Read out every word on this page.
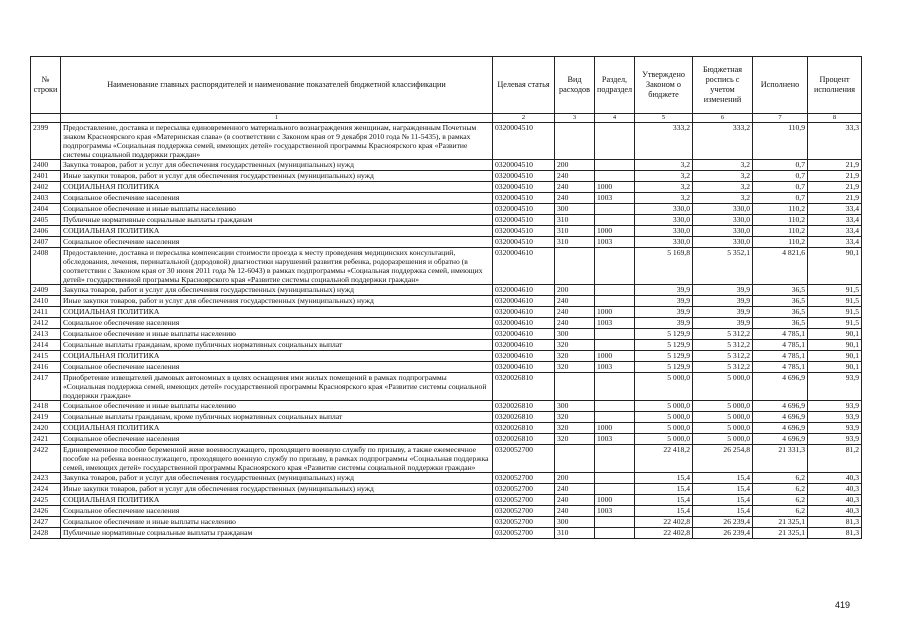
№ строки	Наименование главных распорядителей и наименование показателей бюджетной классификации	Целевая статья	Вид расходов	Раздел, подраздел	Утверждено Законом о бюджете	Бюджетная роспись с учетом изменений	Исполнено	Процент исполнения
	1	2	3	4	5	6	7	8
2399	Предоставление, доставка и пересылка единовременного материального вознаграждения женщинам, награжденным Почетным знаком Красноярского края «Материнская слава» (в соответствии с Законом края от 9 декабря 2010 года № 11-5435), в рамках подпрограммы «Социальная поддержка семей, имеющих детей» государственной программы Красноярского края «Развитие системы социальной поддержки граждан»	0320004510			333,2	333,2	110,9	33,3
2400	Закупка товаров, работ и услуг для обеспечения государственных (муниципальных) нужд	0320004510	200		3,2	3,2	0,7	21,9
2401	Иные закупки товаров, работ и услуг для обеспечения государственных (муниципальных) нужд	0320004510	240		3,2	3,2	0,7	21,9
2402	СОЦИАЛЬНАЯ ПОЛИТИКА	0320004510	240	1000	3,2	3,2	0,7	21,9
2403	Социальное обеспечение населения	0320004510	240	1003	3,2	3,2	0,7	21,9
2404	Социальное обеспечение и иные выплаты населению	0320004510	300		330,0	330,0	110,2	33,4
2405	Публичные нормативные социальные выплаты гражданам	0320004510	310		330,0	330,0	110,2	33,4
2406	СОЦИАЛЬНАЯ ПОЛИТИКА	0320004510	310	1000	330,0	330,0	110,2	33,4
2407	Социальное обеспечение населения	0320004510	310	1003	330,0	330,0	110,2	33,4
2408	Предоставление, доставка и пересылка компенсации стоимости проезда к месту проведения медицинских консультаций, обследования, лечения, перинатальной (дородовой) диагностики нарушений развития ребенка, родоразрешения и обратно (в соответствии с Законом края от 30 июня 2011 года № 12-6043) в рамках подпрограммы «Социальная поддержка семей, имеющих детей» государственной программы Красноярского края «Развитие системы социальной поддержки граждан»	0320004610			5 169,8	5 352,1	4 821,6	90,1
2409	Закупка товаров, работ и услуг для обеспечения государственных (муниципальных) нужд	0320004610	200		39,9	39,9	36,5	91,5
2410	Иные закупки товаров, работ и услуг для обеспечения государственных (муниципальных) нужд	0320004610	240		39,9	39,9	36,5	91,5
2411	СОЦИАЛЬНАЯ ПОЛИТИКА	0320004610	240	1000	39,9	39,9	36,5	91,5
2412	Социальное обеспечение населения	0320004610	240	1003	39,9	39,9	36,5	91,5
2413	Социальное обеспечение и иные выплаты населению	0320004610	300		5 129,9	5 312,2	4 785,1	90,1
2414	Социальные выплаты гражданам, кроме публичных нормативных социальных выплат	0320004610	320		5 129,9	5 312,2	4 785,1	90,1
2415	СОЦИАЛЬНАЯ ПОЛИТИКА	0320004610	320	1000	5 129,9	5 312,2	4 785,1	90,1
2416	Социальное обеспечение населения	0320004610	320	1003	5 129,9	5 312,2	4 785,1	90,1
2417	Приобретение извещателей дымовых автономных в целях оснащения ими жилых помещений в рамках подпрограммы «Социальная поддержка семей, имеющих детей» государственной программы Красноярского края «Развитие системы социальной поддержки граждан»	0320026810			5 000,0	5 000,0	4 696,9	93,9
2418	Социальное обеспечение и иные выплаты населению	0320026810	300		5 000,0	5 000,0	4 696,9	93,9
2419	Социальные выплаты гражданам, кроме публичных нормативных социальных выплат	0320026810	320		5 000,0	5 000,0	4 696,9	93,9
2420	СОЦИАЛЬНАЯ ПОЛИТИКА	0320026810	320	1000	5 000,0	5 000,0	4 696,9	93,9
2421	Социальное обеспечение населения	0320026810	320	1003	5 000,0	5 000,0	4 696,9	93,9
2422	Единовременное пособие беременной жене военнослужащего, проходящего военную службу по призыву, а также ежемесячное пособие на ребенка военнослужащего, проходящего военную службу по призыву, в рамках подпрограммы «Социальная поддержка семей, имеющих детей» государственной программы Красноярского края «Развитие системы социальной поддержки граждан»	0320052700			22 418,2	26 254,8	21 331,3	81,2
2423	Закупка товаров, работ и услуг для обеспечения государственных (муниципальных) нужд	0320052700	200		15,4	15,4	6,2	40,3
2424	Иные закупки товаров, работ и услуг для обеспечения государственных (муниципальных) нужд	0320052700	240		15,4	15,4	6,2	40,3
2425	СОЦИАЛЬНАЯ ПОЛИТИКА	0320052700	240	1000	15,4	15,4	6,2	40,3
2426	Социальное обеспечение населения	0320052700	240	1003	15,4	15,4	6,2	40,3
2427	Социальное обеспечение и иные выплаты населению	0320052700	300		22 402,8	26 239,4	21 325,1	81,3
2428	Публичные нормативные социальные выплаты гражданам	0320052700	310		22 402,8	26 239,4	21 325,1	81,3
419
